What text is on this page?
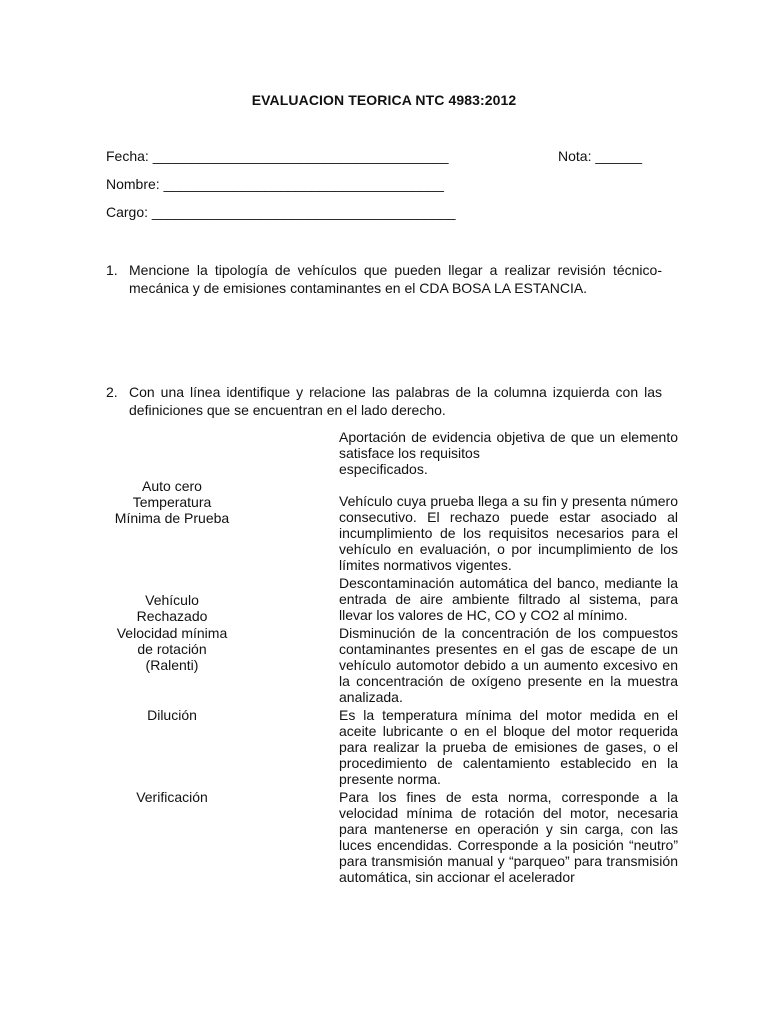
EVALUACION TEORICA NTC 4983:2012
Fecha: ______________________________________	Nota: ______
Nombre: ____________________________________
Cargo: _______________________________________
1. Mencione la tipología de vehículos que pueden llegar a realizar revisión técnico-mecánica y de emisiones contaminantes en el CDA BOSA LA ESTANCIA.
2. Con una línea identifique y relacione las palabras de la columna izquierda con las definiciones que se encuentran en el lado derecho.
Auto cero
Temperatura
Mínima de Prueba
Vehículo
Rechazado
Velocidad mínima
de rotación
(Ralenti)
Dilución
Verificación

Aportación de evidencia objetiva de que un elemento satisface los requisitos

especificados.

Vehículo cuya prueba llega a su fin y presenta número consecutivo. El rechazo puede estar asociado al incumplimiento de los requisitos necesarios para el vehículo en evaluación, o por incumplimiento de los límites normativos vigentes.

Descontaminación automática del banco, mediante la entrada de aire ambiente filtrado al sistema, para llevar los valores de HC, CO y CO2 al mínimo.

Disminución de la concentración de los compuestos contaminantes presentes en el gas de escape de un vehículo automotor debido a un aumento excesivo en la concentración de oxígeno presente en la muestra analizada.

Es la temperatura mínima del motor medida en el aceite lubricante o en el bloque del motor requerida para realizar la prueba de emisiones de gases, o el procedimiento de calentamiento establecido en la presente norma.

Para los fines de esta norma, corresponde a la velocidad mínima de rotación del motor, necesaria para mantenerse en operación y sin carga, con las luces encendidas. Corresponde a la posición “neutro” para transmisión manual y “parqueo” para transmisión automática, sin accionar el acelerador
